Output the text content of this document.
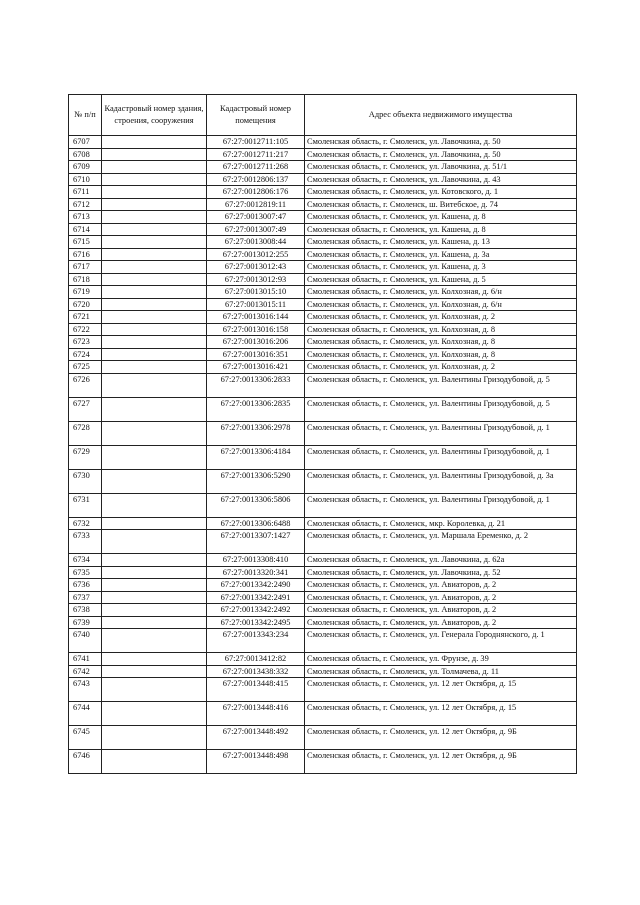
№ п/п	Кадастровый номер здания, строения, сооружения	Кадастровый номер помещения	Адрес объекта недвижимого имущества
6707		67:27:0012711:105	Смоленская область, г. Смоленск, ул. Лавочкина, д. 50
6708		67:27:0012711:217	Смоленская область, г. Смоленск, ул. Лавочкина, д. 50
6709		67:27:0012711:268	Смоленская область, г. Смоленск, ул. Лавочкина, д. 51/1
6710		67:27:0012806:137	Смоленская область, г. Смоленск, ул. Лавочкина, д. 43
6711		67:27:0012806:176	Смоленская область, г. Смоленск, ул. Котовского, д. 1
6712		67:27:0012819:11	Смоленская область, г. Смоленск, ш. Витебское, д. 74
6713		67:27:0013007:47	Смоленская область, г. Смоленск, ул. Кашена, д. 8
6714		67:27:0013007:49	Смоленская область, г. Смоленск, ул. Кашена, д. 8
6715		67:27:0013008:44	Смоленская область, г. Смоленск, ул. Кашена, д. 13
6716		67:27:0013012:255	Смоленская область, г. Смоленск, ул. Кашена, д. 3а
6717		67:27:0013012:43	Смоленская область, г. Смоленск, ул. Кашена, д. 3
6718		67:27:0013012:93	Смоленская область, г. Смоленск, ул. Кашена, д. 5
6719		67:27:0013015:10	Смоленская область, г. Смоленск, ул. Колхозная, д. 6/н
6720		67:27:0013015:11	Смоленская область, г. Смоленск, ул. Колхозная, д. 6/н
6721		67:27:0013016:144	Смоленская область, г. Смоленск, ул. Колхозная, д. 2
6722		67:27:0013016:158	Смоленская область, г. Смоленск, ул. Колхозная, д. 8
6723		67:27:0013016:206	Смоленская область, г. Смоленск, ул. Колхозная, д. 8
6724		67:27:0013016:351	Смоленская область, г. Смоленск, ул. Колхозная, д. 8
6725		67:27:0013016:421	Смоленская область, г. Смоленск, ул. Колхозная, д. 2
6726		67:27:0013306:2833	Смоленская область, г. Смоленск, ул. Валентины Гризодубовой, д. 5
6727		67:27:0013306:2835	Смоленская область, г. Смоленск, ул. Валентины Гризодубовой, д. 5
6728		67:27:0013306:2978	Смоленская область, г. Смоленск, ул. Валентины Гризодубовой, д. 1
6729		67:27:0013306:4184	Смоленская область, г. Смоленск, ул. Валентины Гризодубовой, д. 1
6730		67:27:0013306:5290	Смоленская область, г. Смоленск, ул. Валентины Гризодубовой, д. 3а
6731		67:27:0013306:5806	Смоленская область, г. Смоленск, ул. Валентины Гризодубовой, д. 1
6732		67:27:0013306:6488	Смоленская область, г. Смоленск, мкр. Королевка, д. 21
6733		67:27:0013307:1427	Смоленская область, г. Смоленск, ул. Маршала Еременко, д. 2
6734		67:27:0013308:410	Смоленская область, г. Смоленск, ул. Лавочкина, д. 62а
6735		67:27:0013320:341	Смоленская область, г. Смоленск, ул. Лавочкина, д. 52
6736		67:27:0013342:2490	Смоленская область, г. Смоленск, ул. Авиаторов, д. 2
6737		67:27:0013342:2491	Смоленская область, г. Смоленск, ул. Авиаторов, д. 2
6738		67:27:0013342:2492	Смоленская область, г. Смоленск, ул. Авиаторов, д. 2
6739		67:27:0013342:2495	Смоленская область, г. Смоленск, ул. Авиаторов, д. 2
6740		67:27:0013343:234	Смоленская область, г. Смоленск, ул. Генерала Городнянского, д. 1
6741		67:27:0013412:82	Смоленская область, г. Смоленск, ул. Фрунзе, д. 39
6742		67:27:0013438:332	Смоленская область, г. Смоленск, ул. Толмачева, д. 11
6743		67:27:0013448:415	Смоленская область, г. Смоленск, ул. 12 лет Октября, д. 15
6744		67:27:0013448:416	Смоленская область, г. Смоленск, ул. 12 лет Октября, д. 15
6745		67:27:0013448:492	Смоленская область, г. Смоленск, ул. 12 лет Октября, д. 9Б
6746		67:27:0013448:498	Смоленская область, г. Смоленск, ул. 12 лет Октября, д. 9Б
